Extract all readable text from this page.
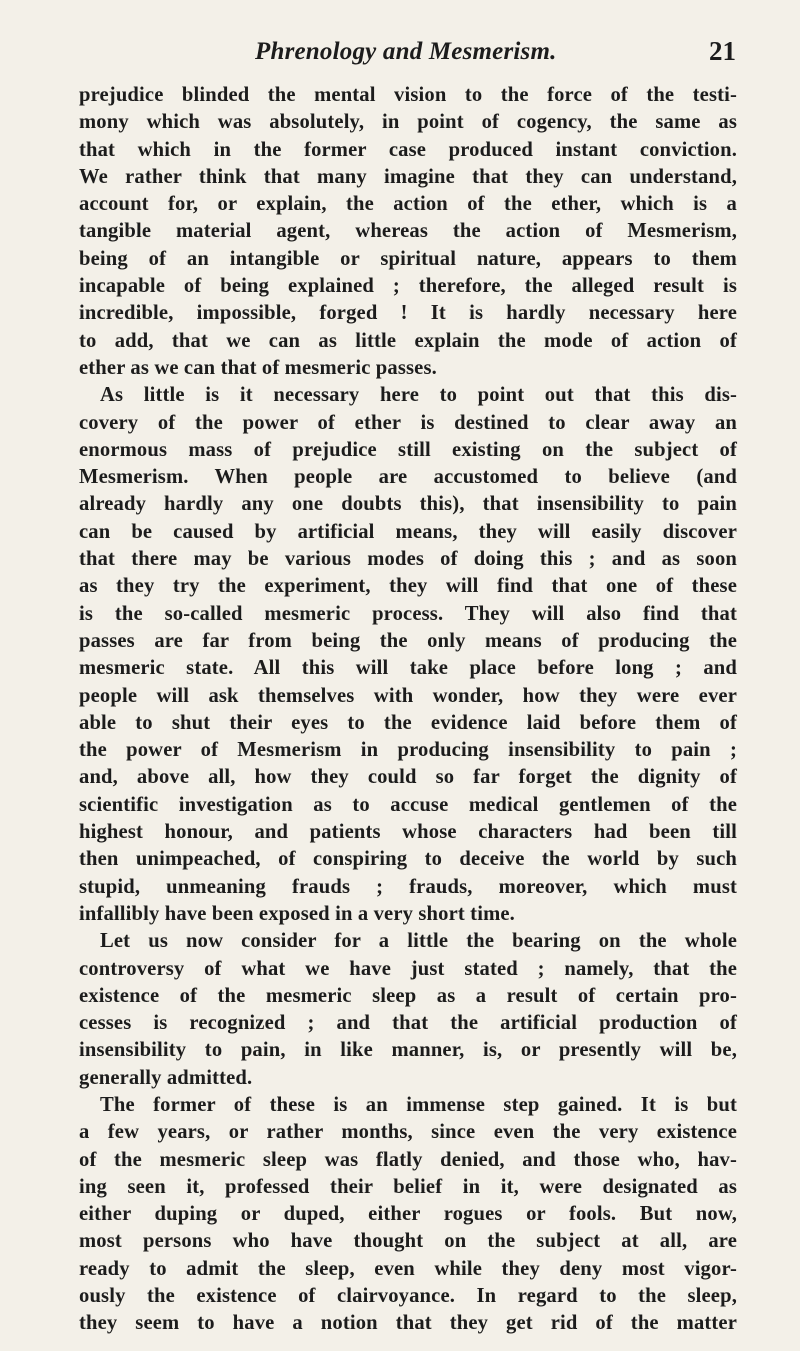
Phrenology and Mesmerism.	21
prejudice blinded the mental vision to the force of the testi-
mony which was absolutely, in point of cogency, the same as
that which in the former case produced instant conviction.
We rather think that many imagine that they can understand,
account for, or explain, the action of the ether, which is a
tangible material agent, whereas the action of Mesmerism,
being of an intangible or spiritual nature, appears to them
incapable of being explained ; therefore, the alleged result is
incredible, impossible, forged ! It is hardly necessary here
to add, that we can as little explain the mode of action of
ether as we can that of mesmeric passes.
As little is it necessary here to point out that this dis-
covery of the power of ether is destined to clear away an
enormous mass of prejudice still existing on the subject of
Mesmerism. When people are accustomed to believe (and
already hardly any one doubts this), that insensibility to pain
can be caused by artificial means, they will easily discover
that there may be various modes of doing this ; and as soon
as they try the experiment, they will find that one of these
is the so-called mesmeric process. They will also find that
passes are far from being the only means of producing the
mesmeric state. All this will take place before long ; and
people will ask themselves with wonder, how they were ever
able to shut their eyes to the evidence laid before them of
the power of Mesmerism in producing insensibility to pain ;
and, above all, how they could so far forget the dignity of
scientific investigation as to accuse medical gentlemen of the
highest honour, and patients whose characters had been till
then unimpeached, of conspiring to deceive the world by such
stupid, unmeaning frauds ; frauds, moreover, which must
infallibly have been exposed in a very short time.
Let us now consider for a little the bearing on the whole
controversy of what we have just stated ; namely, that the
existence of the mesmeric sleep as a result of certain pro-
cesses is recognized ; and that the artificial production of
insensibility to pain, in like manner, is, or presently will be,
generally admitted.
The former of these is an immense step gained. It is but
a few years, or rather months, since even the very existence
of the mesmeric sleep was flatly denied, and those who, hav-
ing seen it, professed their belief in it, were designated as
either duping or duped, either rogues or fools. But now,
most persons who have thought on the subject at all, are
ready to admit the sleep, even while they deny most vigor-
ously the existence of clairvoyance. In regard to the sleep,
they seem to have a notion that they get rid of the matter
